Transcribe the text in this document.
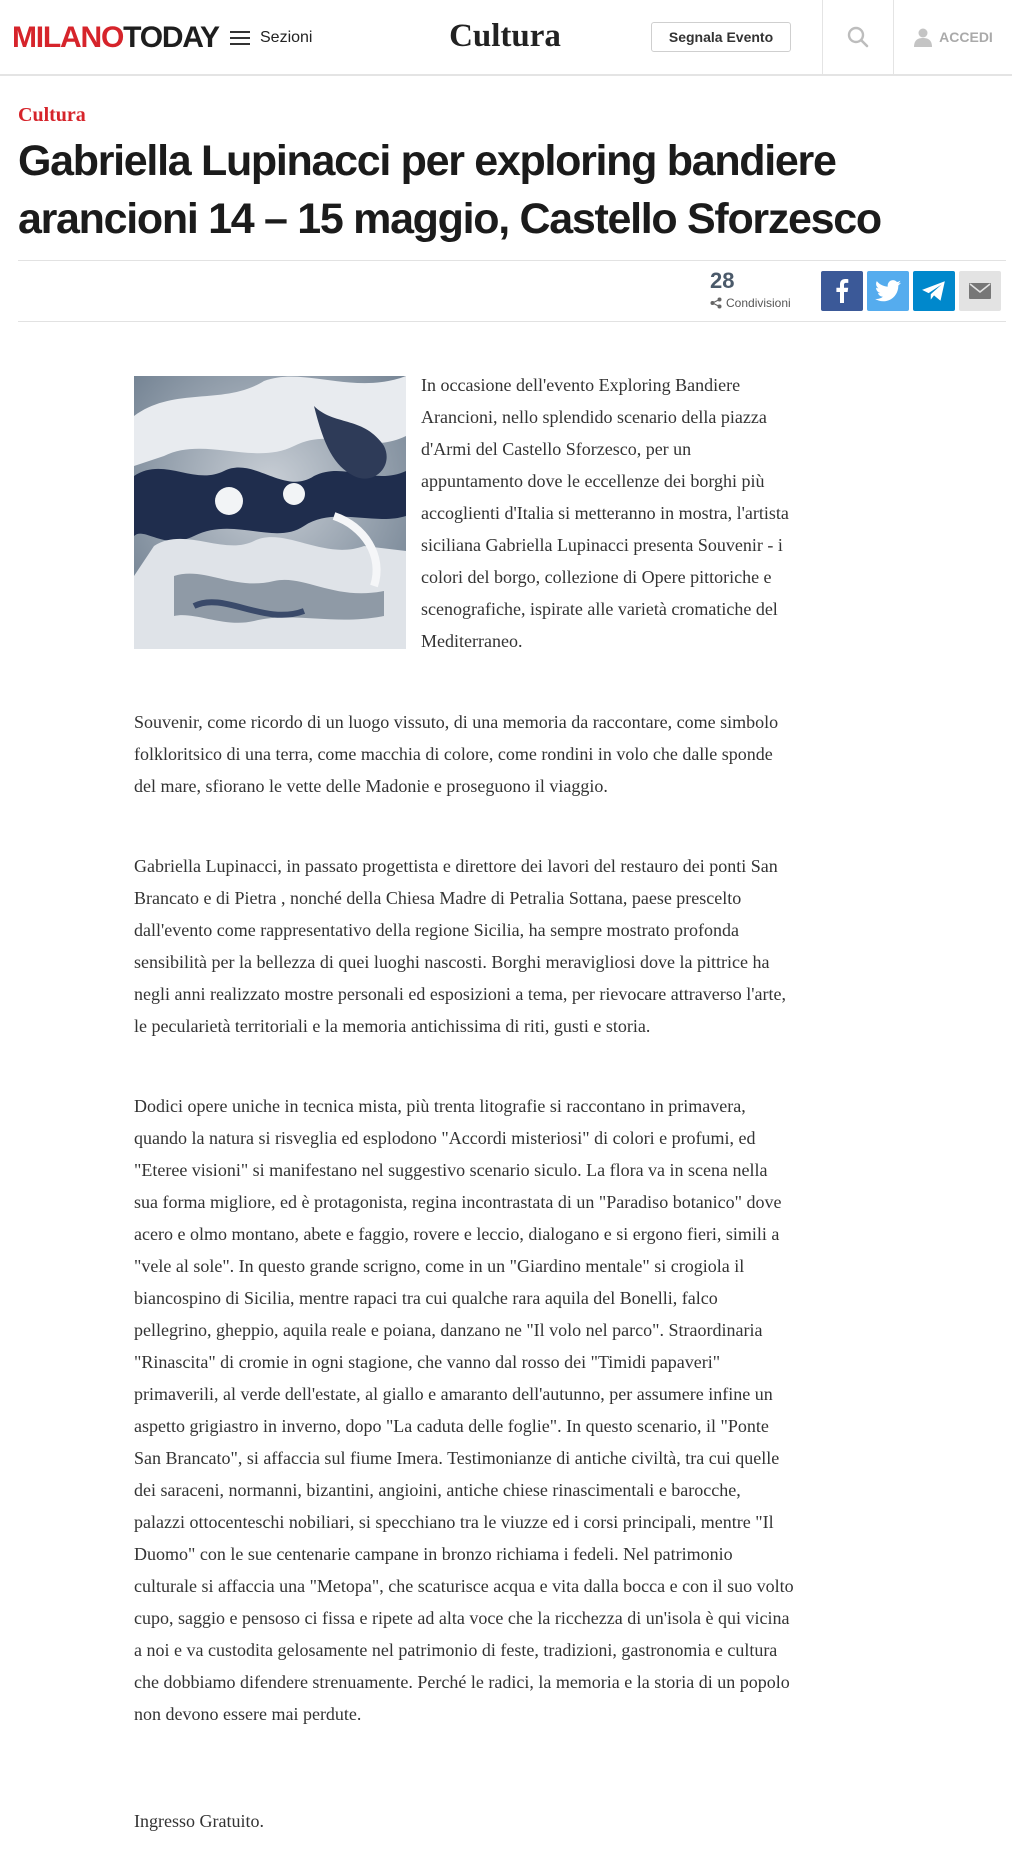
MILANOTODAY	Sezioni	Cultura	Segnala Evento	ACCEDI
Cultura
Gabriella Lupinacci per exploring bandiere arancioni 14 – 15 maggio, Castello Sforzesco
28
Condivisioni

In occasione dell'evento Exploring Bandiere Arancioni, nello splendido scenario della piazza d'Armi del Castello Sforzesco, per un appuntamento dove le eccellenze dei borghi più accoglienti d'Italia si metteranno in mostra, l'artista siciliana Gabriella Lupinacci presenta Souvenir - i colori del borgo, collezione di Opere pittoriche e scenografiche, ispirate alle varietà cromatiche del Mediterraneo.

Souvenir, come ricordo di un luogo vissuto, di una memoria da raccontare, come simbolo folkloritsico di una terra, come macchia di colore, come rondini in volo che dalle sponde del mare, sfiorano le vette delle Madonie e proseguono il viaggio.

Gabriella Lupinacci, in passato progettista e direttore dei lavori del restauro dei ponti San Brancato e di Pietra , nonché della Chiesa Madre di Petralia Sottana, paese prescelto dall'evento come rappresentativo della regione Sicilia, ha sempre mostrato profonda sensibilità per la bellezza di quei luoghi nascosti. Borghi meravigliosi dove la pittrice ha negli anni realizzato mostre personali ed esposizioni a tema, per rievocare attraverso l'arte, le pecularietà territoriali e la memoria antichissima di riti, gusti e storia.

Dodici opere uniche in tecnica mista, più trenta litografie si raccontano in primavera, quando la natura si risveglia ed esplodono "Accordi misteriosi" di colori e profumi, ed "Eteree visioni" si manifestano nel suggestivo scenario siculo. La flora va in scena nella sua forma migliore, ed è protagonista, regina incontrastata di un "Paradiso botanico" dove acero e olmo montano, abete e faggio, rovere e leccio, dialogano e si ergono fieri, simili a "vele al sole". In questo grande scrigno, come in un "Giardino mentale" si crogiola il biancospino di Sicilia, mentre rapaci tra cui qualche rara aquila del Bonelli, falco pellegrino, gheppio, aquila reale e poiana, danzano ne "Il volo nel parco". Straordinaria "Rinascita" di cromie in ogni stagione, che vanno dal rosso dei "Timidi papaveri" primaverili, al verde dell'estate, al giallo e amaranto dell'autunno, per assumere infine un aspetto grigiastro in inverno, dopo "La caduta delle foglie". In questo scenario, il "Ponte San Brancato", si affaccia sul fiume Imera. Testimonianze di antiche civiltà, tra cui quelle dei saraceni, normanni, bizantini, angioini, antiche chiese rinascimentali e barocche, palazzi ottocenteschi nobiliari, si specchiano tra le viuzze ed i corsi principali, mentre "Il Duomo" con le sue centenarie campane in bronzo richiama i fedeli. Nel patrimonio culturale si affaccia una "Metopa", che scaturisce acqua e vita dalla bocca e con il suo volto cupo, saggio e pensoso ci fissa e ripete ad alta voce che la ricchezza di un'isola è qui vicina a noi e va custodita gelosamente nel patrimonio di feste, tradizioni, gastronomia e cultura che dobbiamo difendere strenuamente. Perché le radici, la memoria e la storia di un popolo non devono essere mai perdute.

Ingresso Gratuito.
